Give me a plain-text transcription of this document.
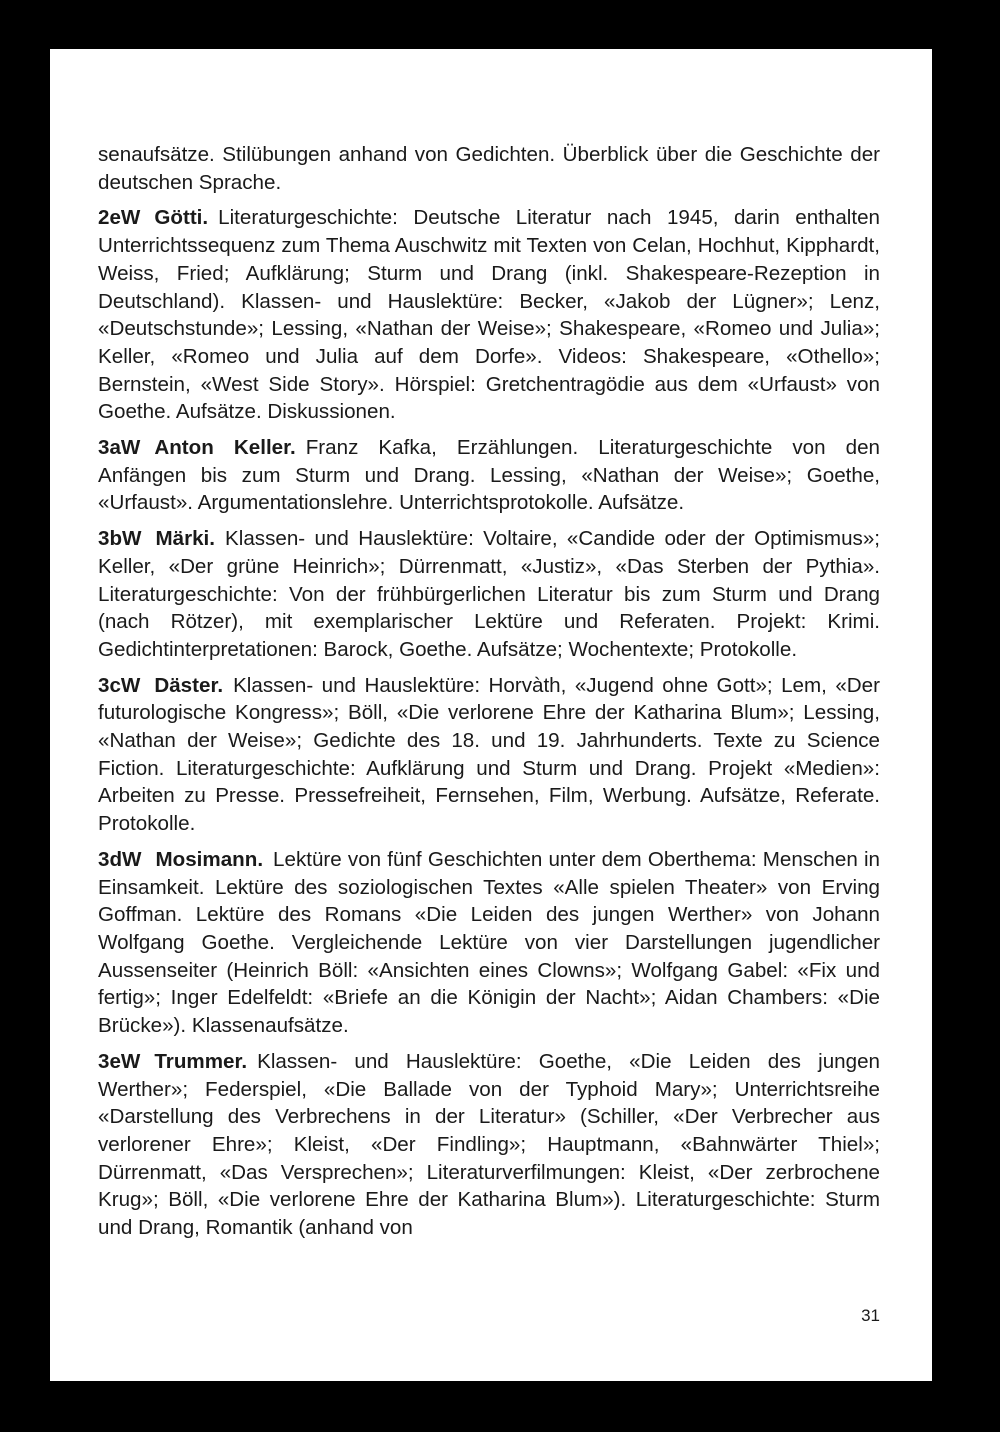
senaufsätze. Stilübungen anhand von Gedichten. Überblick über die Geschichte der deutschen Sprache.

2eW Götti. Literaturgeschichte: Deutsche Literatur nach 1945, darin enthalten Unterrichtssequenz zum Thema Auschwitz mit Texten von Celan, Hochhut, Kipphardt, Weiss, Fried; Aufklärung; Sturm und Drang (inkl. Shakespeare-Rezeption in Deutschland). Klassen- und Hauslektüre: Becker, «Jakob der Lügner»; Lenz, «Deutschstunde»; Lessing, «Nathan der Weise»; Shakespeare, «Romeo und Julia»; Keller, «Romeo und Julia auf dem Dorfe». Videos: Shakespeare, «Othello»; Bernstein, «West Side Story». Hörspiel: Gretchentragödie aus dem «Urfaust» von Goethe. Aufsätze. Diskussionen.

3aW Anton Keller. Franz Kafka, Erzählungen. Literaturgeschichte von den Anfängen bis zum Sturm und Drang. Lessing, «Nathan der Weise»; Goethe, «Urfaust». Argumentationslehre. Unterrichtsprotokolle. Aufsätze.

3bW Märki. Klassen- und Hauslektüre: Voltaire, «Candide oder der Optimismus»; Keller, «Der grüne Heinrich»; Dürrenmatt, «Justiz», «Das Sterben der Pythia». Literaturgeschichte: Von der frühbürgerlichen Literatur bis zum Sturm und Drang (nach Rötzer), mit exemplarischer Lektüre und Referaten. Projekt: Krimi. Gedichtinterpretationen: Barock, Goethe. Aufsätze; Wochentexte; Protokolle.

3cW Däster. Klassen- und Hauslektüre: Horvàth, «Jugend ohne Gott»; Lem, «Der futurologische Kongress»; Böll, «Die verlorene Ehre der Katharina Blum»; Lessing, «Nathan der Weise»; Gedichte des 18. und 19. Jahrhunderts. Texte zu Science Fiction. Literaturgeschichte: Aufklärung und Sturm und Drang. Projekt «Medien»: Arbeiten zu Presse. Pressefreiheit, Fernsehen, Film, Werbung. Aufsätze, Referate. Protokolle.

3dW Mosimann. Lektüre von fünf Geschichten unter dem Oberthema: Menschen in Einsamkeit. Lektüre des soziologischen Textes «Alle spielen Theater» von Erving Goffman. Lektüre des Romans «Die Leiden des jungen Werther» von Johann Wolfgang Goethe. Vergleichende Lektüre von vier Darstellungen jugendlicher Aussenseiter (Heinrich Böll: «Ansichten eines Clowns»; Wolfgang Gabel: «Fix und fertig»; Inger Edelfeldt: «Briefe an die Königin der Nacht»; Aidan Chambers: «Die Brücke»). Klassenaufsätze.

3eW Trummer. Klassen- und Hauslektüre: Goethe, «Die Leiden des jungen Werther»; Federspiel, «Die Ballade von der Typhoid Mary»; Unterrichtsreihe «Darstellung des Verbrechens in der Literatur» (Schiller, «Der Verbrecher aus verlorener Ehre»; Kleist, «Der Findling»; Hauptmann, «Bahnwärter Thiel»; Dürrenmatt, «Das Versprechen»; Literaturverfilmungen: Kleist, «Der zerbrochene Krug»; Böll, «Die verlorene Ehre der Katharina Blum»). Literaturgeschichte: Sturm und Drang, Romantik (anhand von

31
